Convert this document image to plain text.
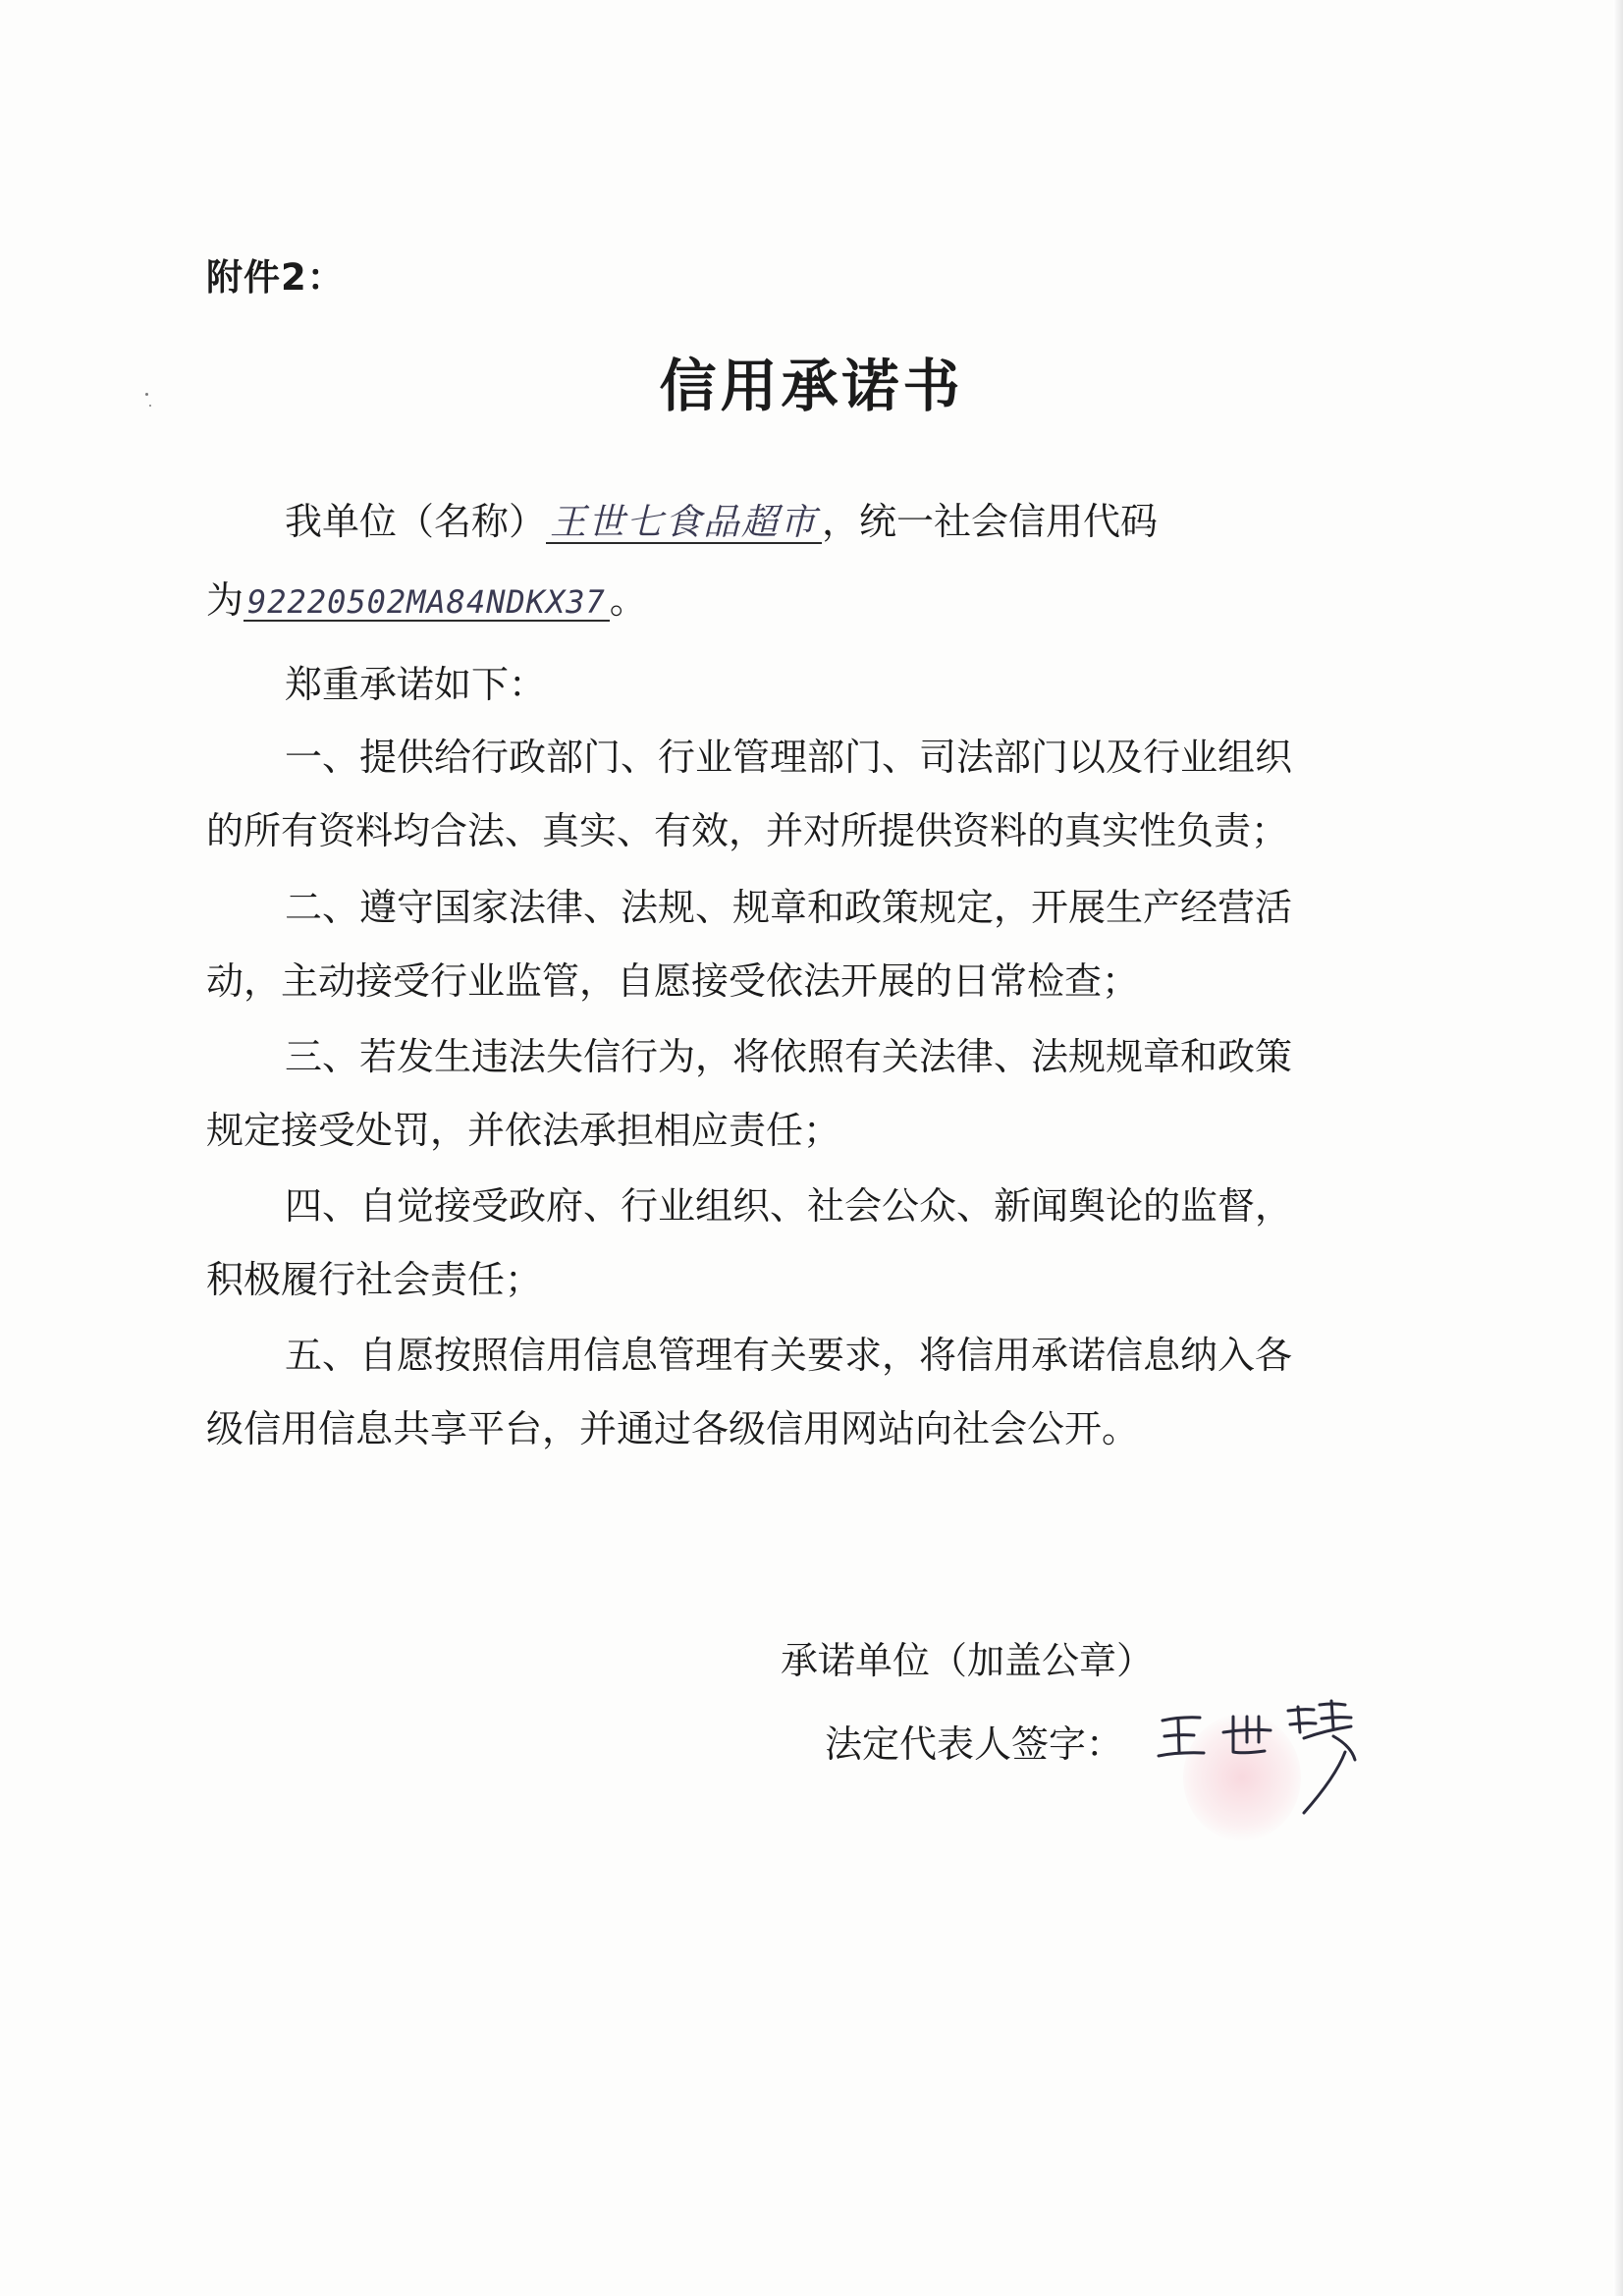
附件2：
信用承诺书
我单位（名称） 王世七食品超市 ，统一社会信用代码
为 92220502MA84NDKX37 。
郑重承诺如下：
一、提供给行政部门、行业管理部门、司法部门以及行业组织
的所有资料均合法、真实、有效，并对所提供资料的真实性负责；
二、遵守国家法律、法规、规章和政策规定，开展生产经营活
动，主动接受行业监管，自愿接受依法开展的日常检查；
三、若发生违法失信行为，将依照有关法律、法规规章和政策
规定接受处罚，并依法承担相应责任；
四、自觉接受政府、行业组织、社会公众、新闻舆论的监督，
积极履行社会责任；
五、自愿按照信用信息管理有关要求，将信用承诺信息纳入各
级信用信息共享平台，并通过各级信用网站向社会公开。
承诺单位（加盖公章）
法定代表人签字：
